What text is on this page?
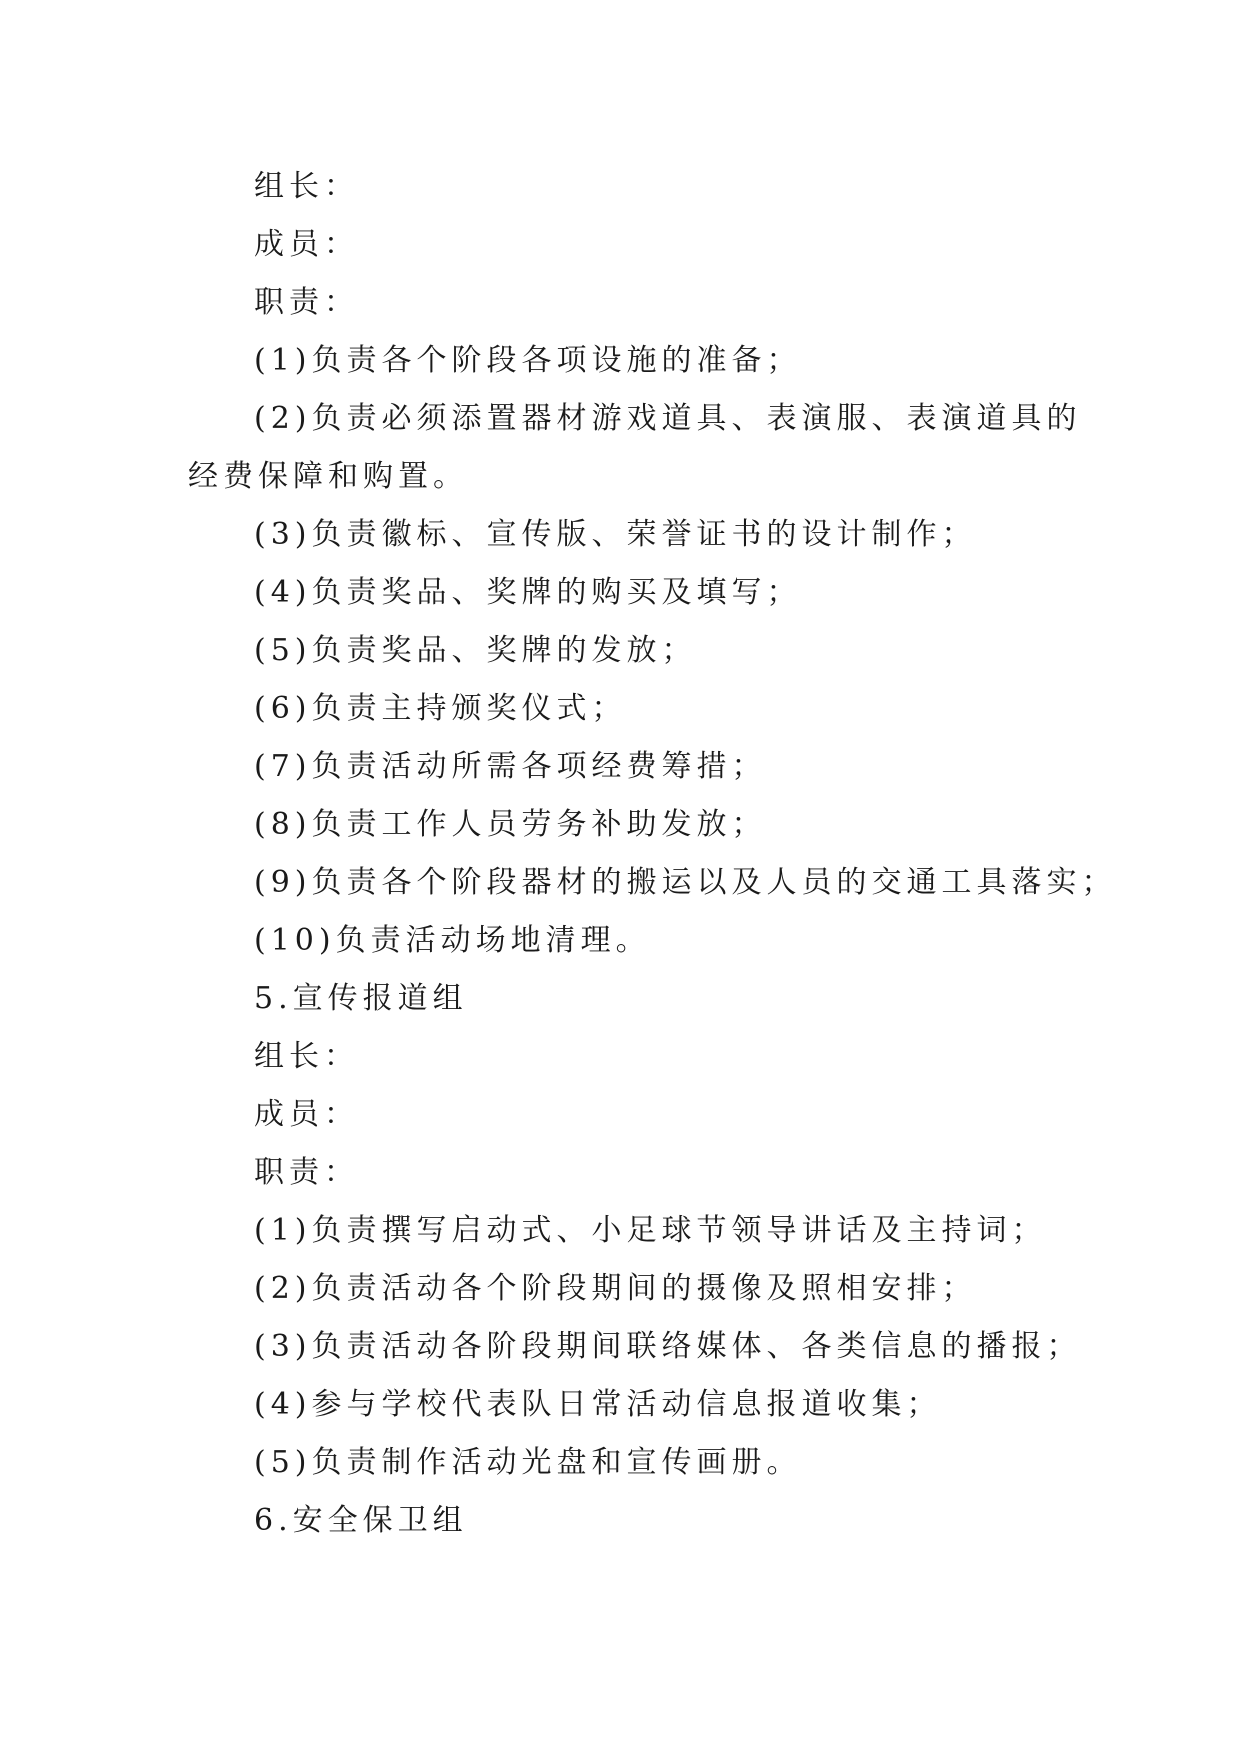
组长：
成员：
职责：
(1)负责各个阶段各项设施的准备；
(2)负责必须添置器材游戏道具、表演服、表演道具的
经费保障和购置。
(3)负责徽标、宣传版、荣誉证书的设计制作；
(4)负责奖品、奖牌的购买及填写；
(5)负责奖品、奖牌的发放；
(6)负责主持颁奖仪式；
(7)负责活动所需各项经费筹措；
(8)负责工作人员劳务补助发放；
(9)负责各个阶段器材的搬运以及人员的交通工具落实；
(10)负责活动场地清理。
5.宣传报道组
组长：
成员：
职责：
(1)负责撰写启动式、小足球节领导讲话及主持词；
(2)负责活动各个阶段期间的摄像及照相安排；
(3)负责活动各阶段期间联络媒体、各类信息的播报；
(4)参与学校代表队日常活动信息报道收集；
(5)负责制作活动光盘和宣传画册。
6.安全保卫组
